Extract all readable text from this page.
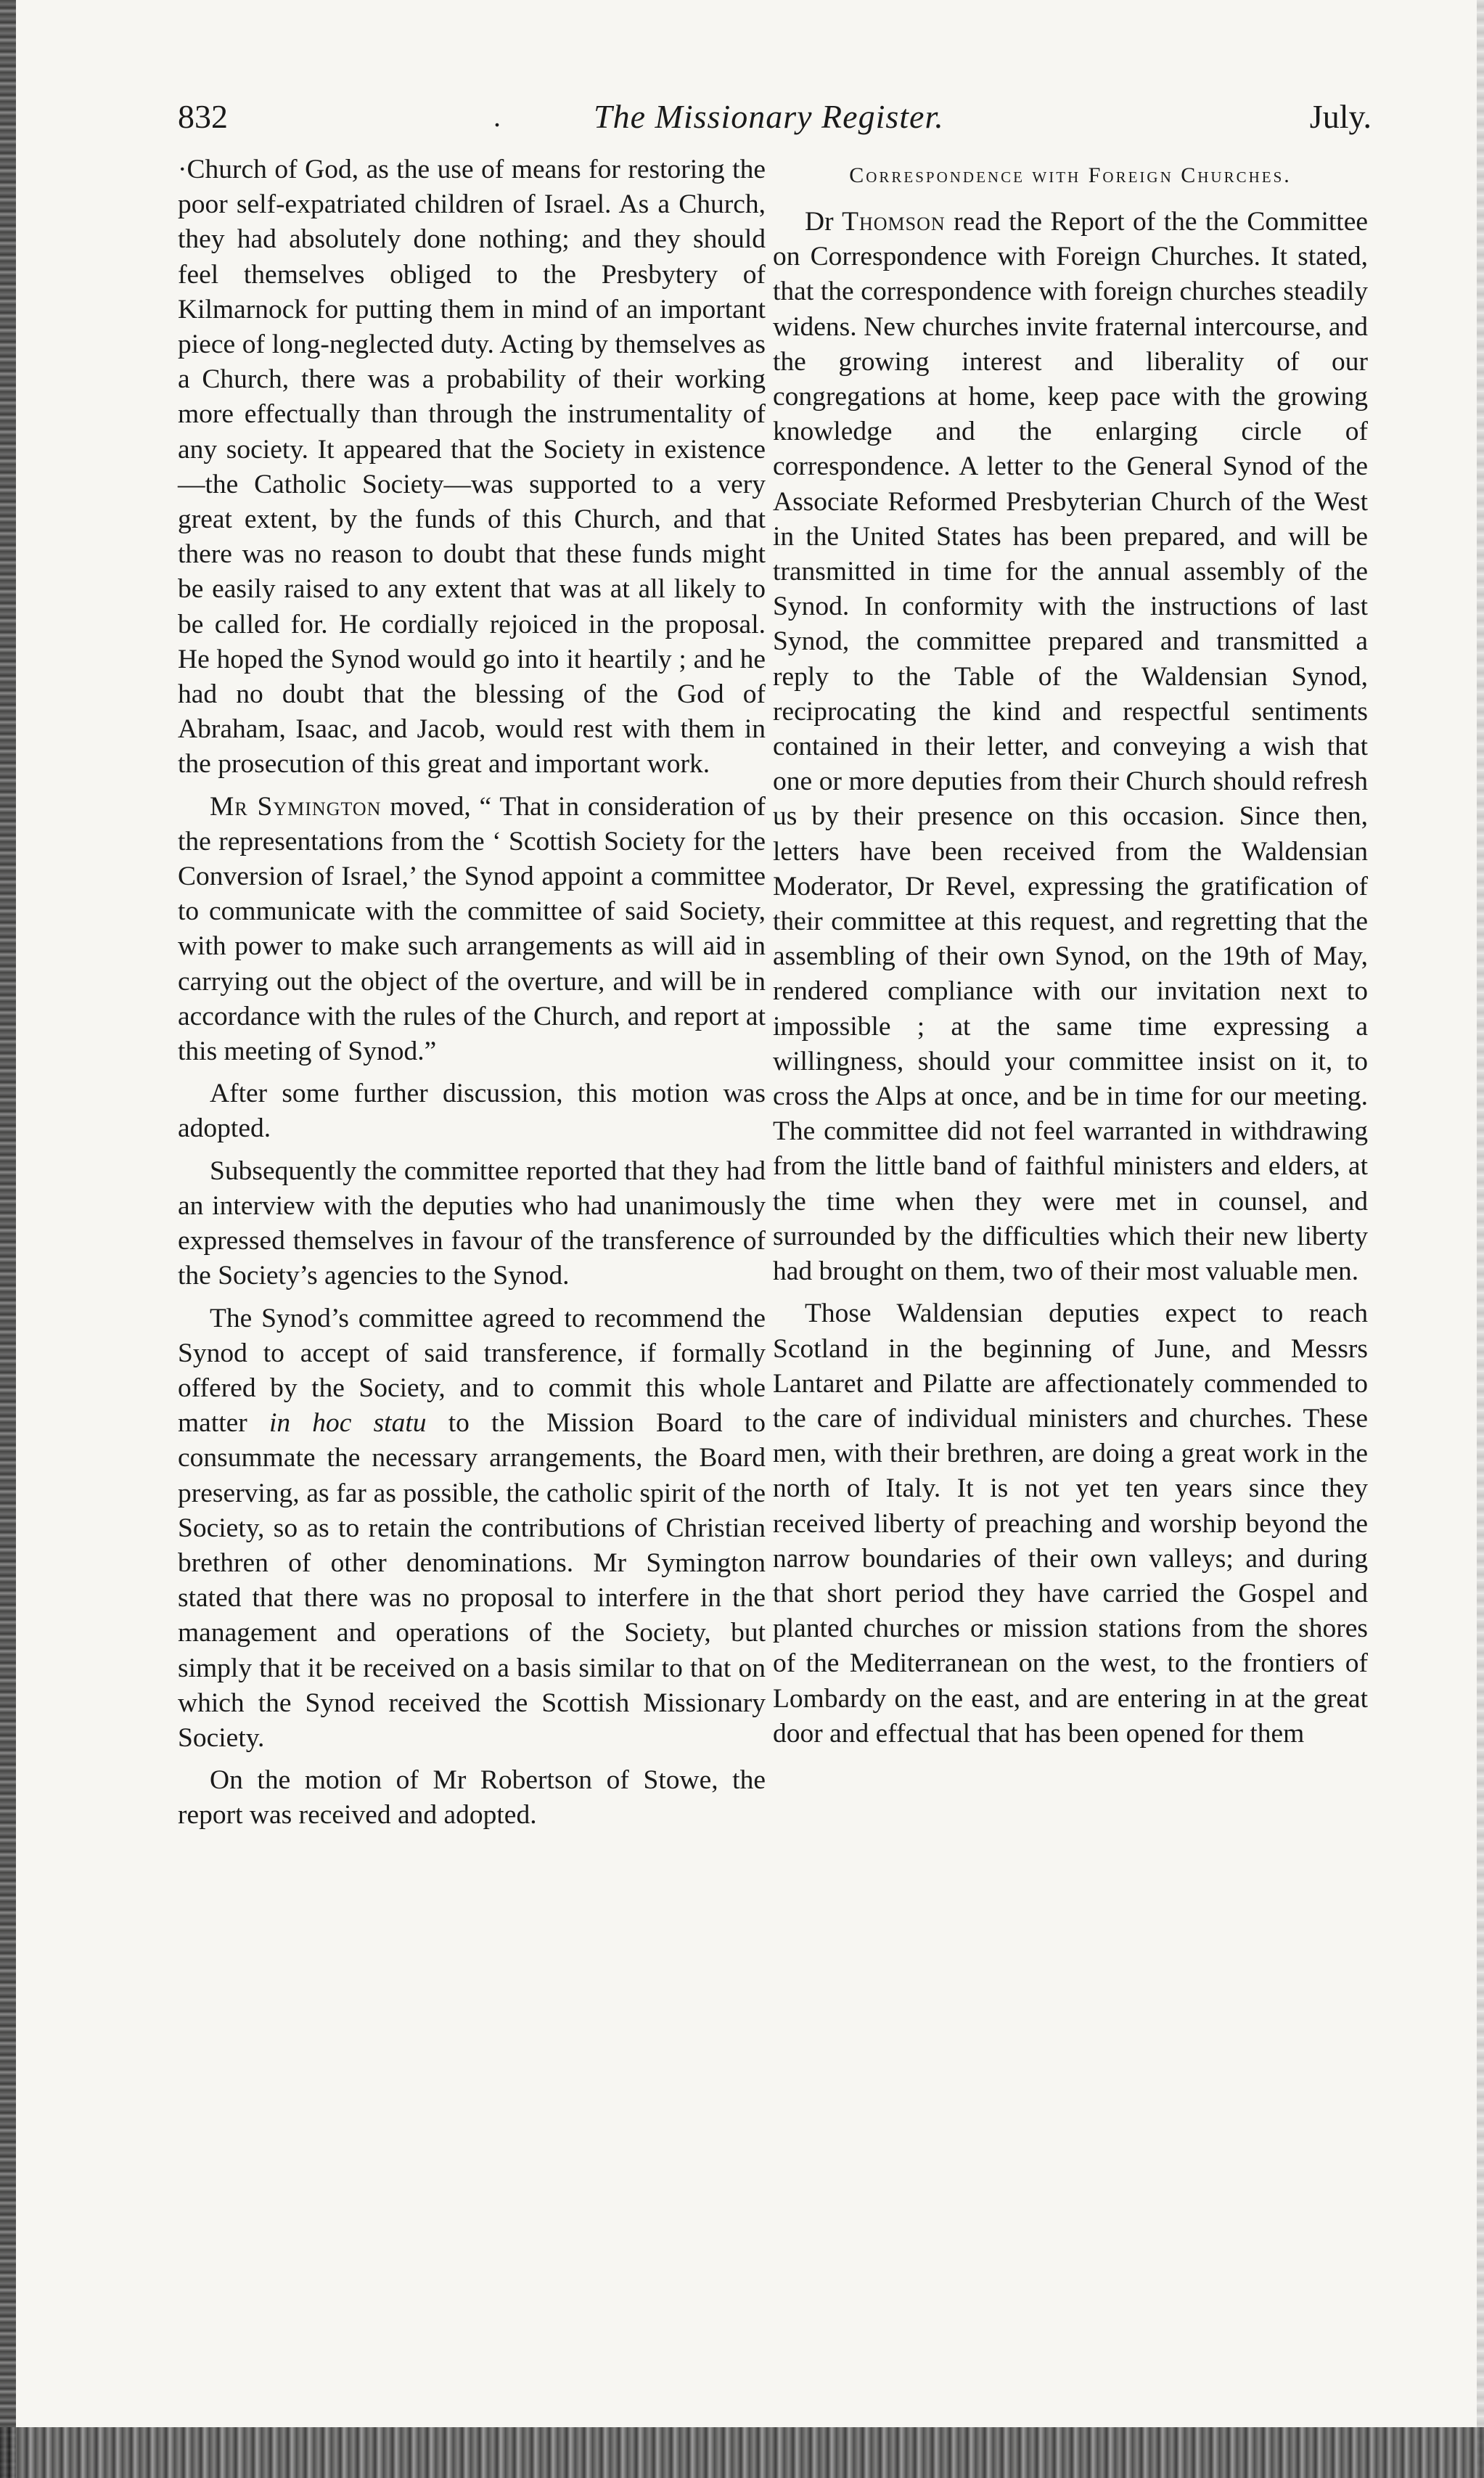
832	.	The Missionary Register.	July.

·Church of God, as the use of means for restoring the poor self-expatriated children of Israel. As a Church, they had absolutely done nothing; and they should feel themselves obliged to the Presbytery of Kilmarnock for putting them in mind of an important piece of long-neglected duty. Acting by themselves as a Church, there was a probability of their working more effectually than through the instrumentality of any society. It appeared that the Society in existence—the Catholic Society—was supported to a very great extent, by the funds of this Church, and that there was no reason to doubt that these funds might be easily raised to any extent that was at all likely to be called for. He cordially rejoiced in the proposal. He hoped the Synod would go into it heartily ; and he had no doubt that the blessing of the God of Abraham, Isaac, and Jacob, would rest with them in the prosecution of this great and important work.

Mr Symington moved, “ That in consideration of the representations from the ‘ Scottish Society for the Conversion of Israel,’ the Synod appoint a committee to communicate with the committee of said Society, with power to make such arrangements as will aid in carrying out the object of the overture, and will be in accordance with the rules of the Church, and report at this meeting of Synod.”

After some further discussion, this motion was adopted.

Subsequently the committee reported that they had an interview with the deputies who had unanimously expressed themselves in favour of the transference of the Society’s agencies to the Synod.

The Synod’s committee agreed to recommend the Synod to accept of said transference, if formally offered by the Society, and to commit this whole matter in hoc statu to the Mission Board to consummate the necessary arrangements, the Board preserving, as far as possible, the catholic spirit of the Society, so as to retain the contributions of Christian brethren of other denominations. Mr Symington stated that there was no proposal to interfere in the management and operations of the Society, but simply that it be received on a basis similar to that on which the Synod received the Scottish Missionary Society.

On the motion of Mr Robertson of Stowe, the report was received and adopted.

Correspondence with Foreign Churches.

Dr Thomson read the Report of the the Committee on Correspondence with Foreign Churches. It stated, that the correspondence with foreign churches steadily widens. New churches invite fraternal intercourse, and the growing interest and liberality of our congregations at home, keep pace with the growing knowledge and the enlarging circle of correspondence. A letter to the General Synod of the Associate Reformed Presbyterian Church of the West in the United States has been prepared, and will be transmitted in time for the annual assembly of the Synod. In conformity with the instructions of last Synod, the committee prepared and transmitted a reply to the Table of the Waldensian Synod, reciprocating the kind and respectful sentiments contained in their letter, and conveying a wish that one or more deputies from their Church should refresh us by their presence on this occasion. Since then, letters have been received from the Waldensian Moderator, Dr Revel, expressing the gratification of their committee at this request, and regretting that the assembling of their own Synod, on the 19th of May, rendered compliance with our invitation next to impossible ; at the same time expressing a willingness, should your committee insist on it, to cross the Alps at once, and be in time for our meeting. The committee did not feel warranted in withdrawing from the little band of faithful ministers and elders, at the time when they were met in counsel, and surrounded by the difficulties which their new liberty had brought on them, two of their most valuable men.

Those Waldensian deputies expect to reach Scotland in the beginning of June, and Messrs Lantaret and Pilatte are affectionately commended to the care of individual ministers and churches. These men, with their brethren, are doing a great work in the north of Italy. It is not yet ten years since they received liberty of preaching and worship beyond the narrow boundaries of their own valleys; and during that short period they have carried the Gospel and planted churches or mission stations from the shores of the Mediterranean on the west, to the frontiers of Lombardy on the east, and are entering in at the great door and effectual that has been opened for them
